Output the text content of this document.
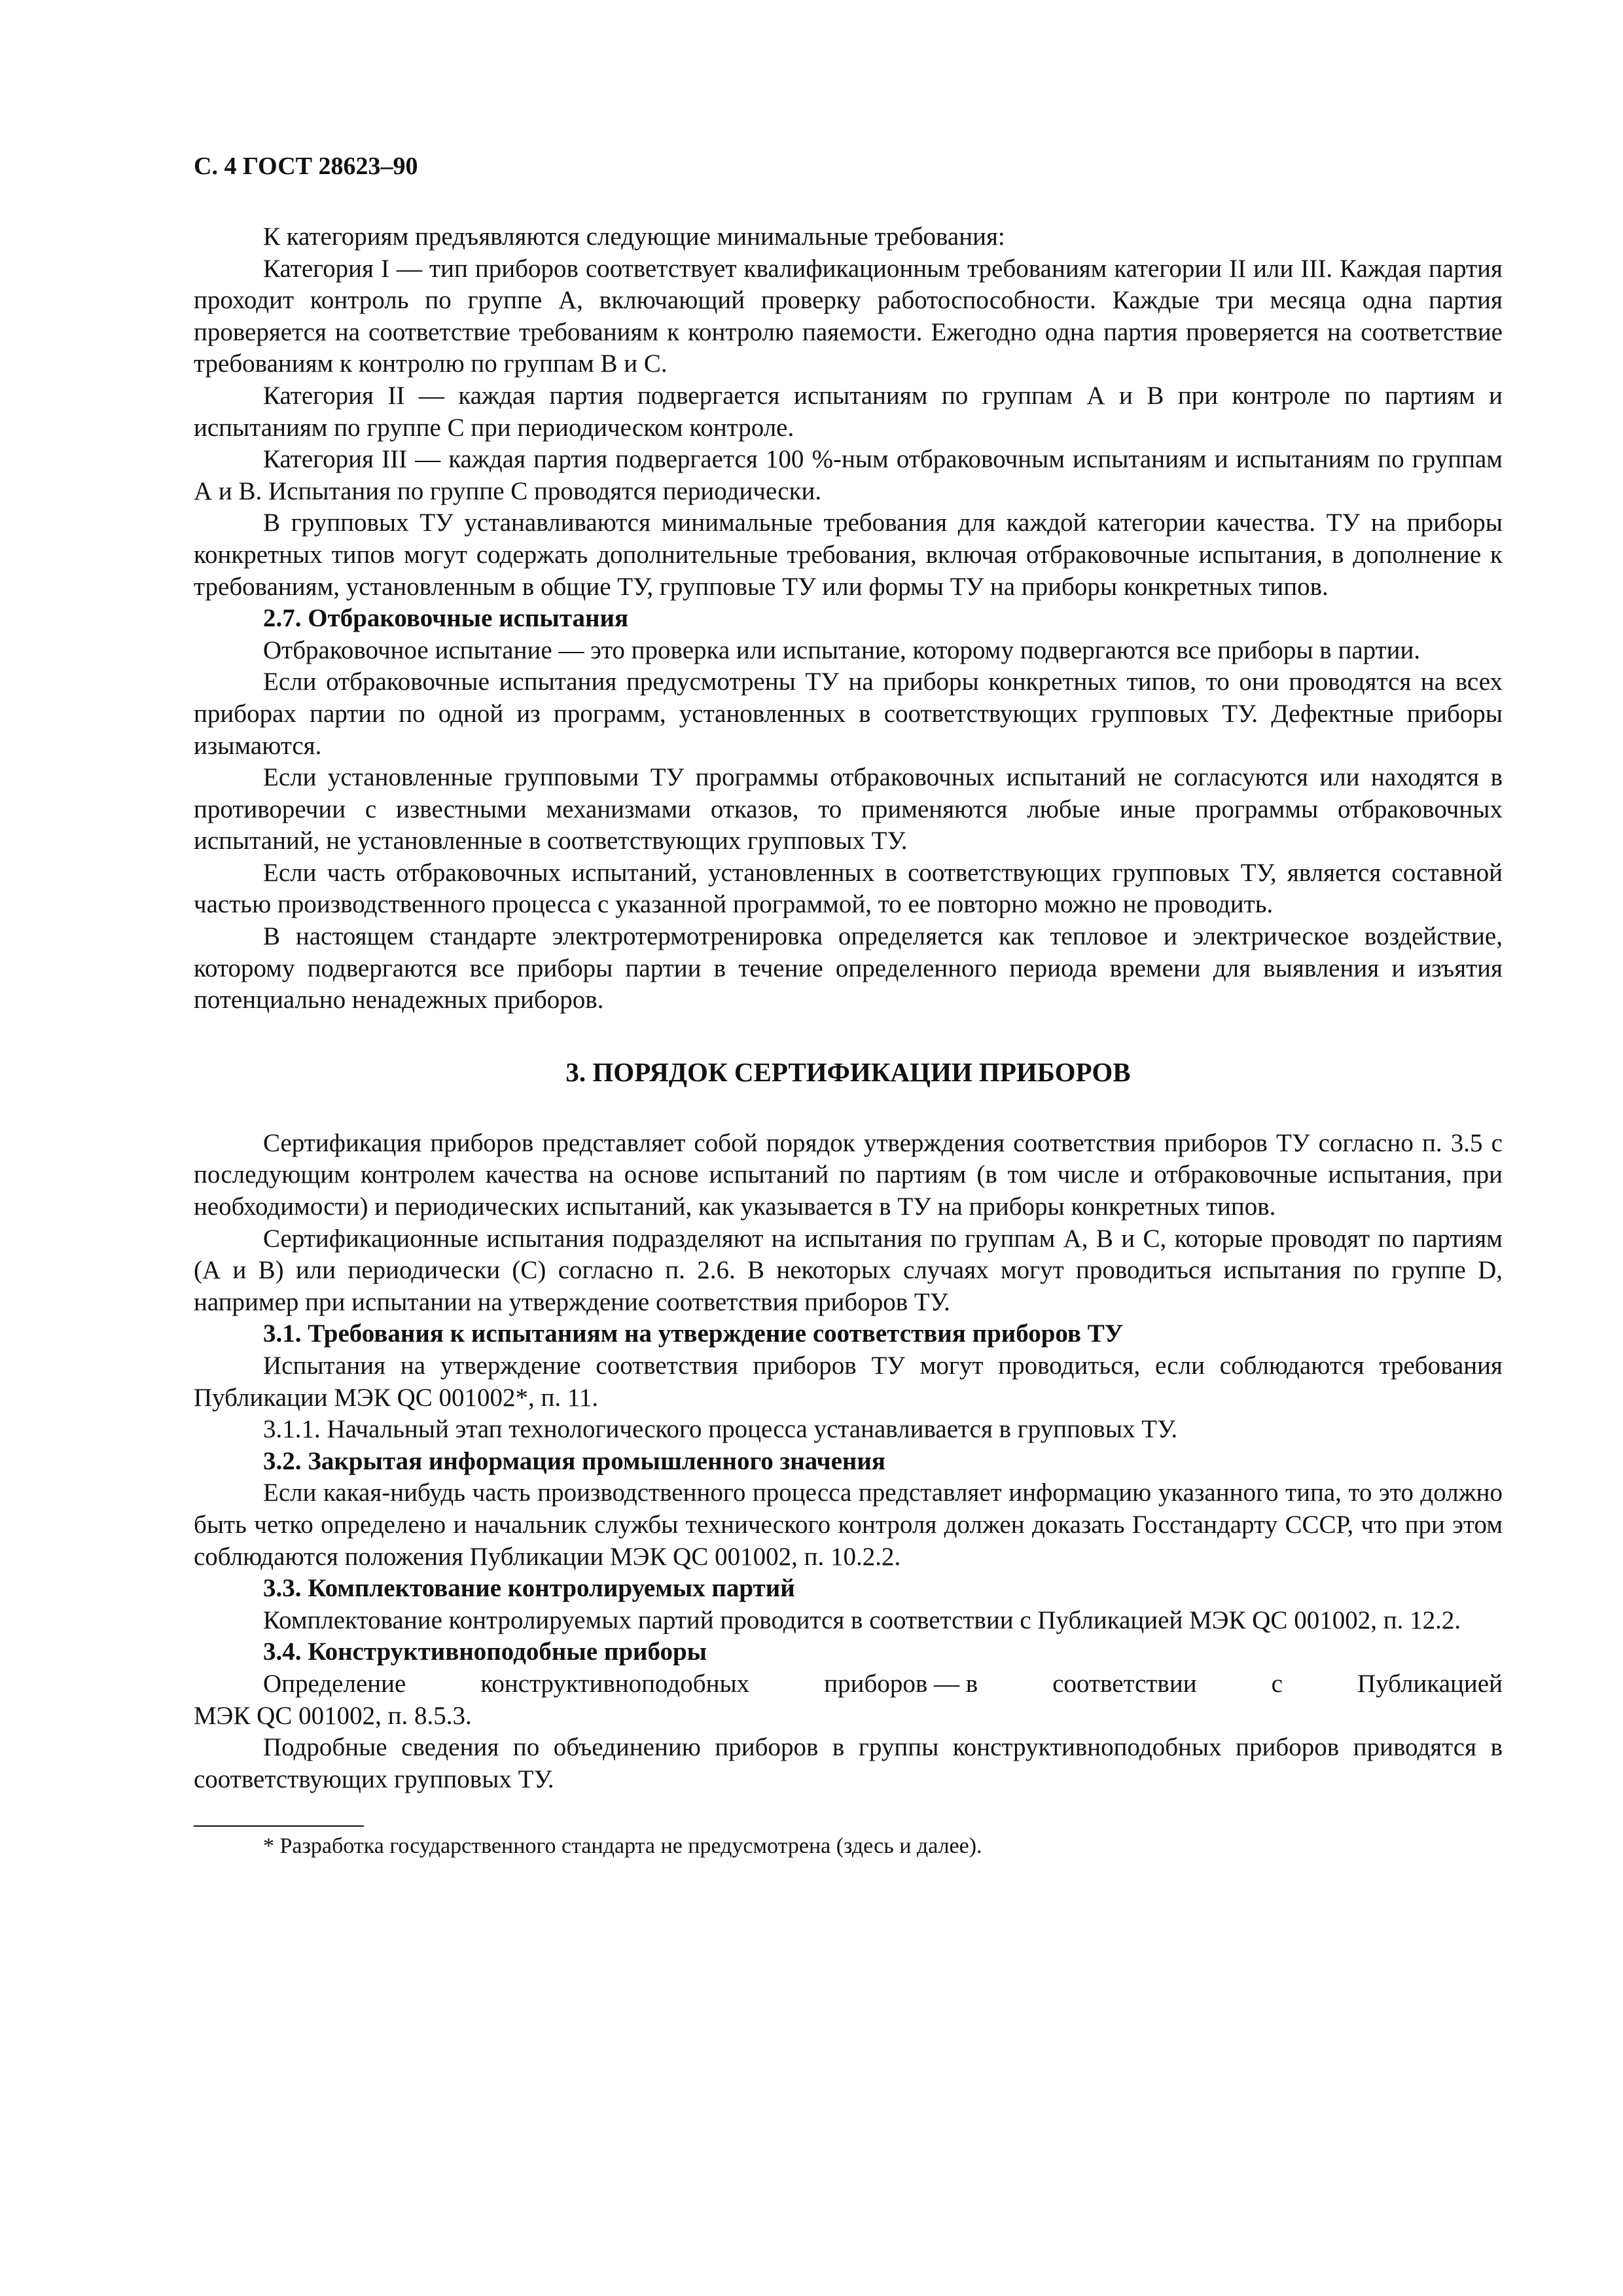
С. 4 ГОСТ 28623–90

К категориям предъявляются следующие минимальные требования:

Категория I — тип приборов соответствует квалификационным требованиям категории II или III. Каждая партия проходит контроль по группе А, включающий проверку работоспособности. Каждые три месяца одна партия проверяется на соответствие требованиям к контролю паяемости. Ежегодно одна партия проверяется на соответствие требованиям к контролю по группам В и С.

Категория II — каждая партия подвергается испытаниям по группам А и В при контроле по партиям и испытаниям по группе С при периодическом контроле.

Категория III — каждая партия подвергается 100 %-ным отбраковочным испытаниям и испытаниям по группам А и В. Испытания по группе С проводятся периодически.

В групповых ТУ устанавливаются минимальные требования для каждой категории качества. ТУ на приборы конкретных типов могут содержать дополнительные требования, включая отбраковочные испытания, в дополнение к требованиям, установленным в общие ТУ, групповые ТУ или формы ТУ на приборы конкретных типов.

2.7. Отбраковочные испытания

Отбраковочное испытание — это проверка или испытание, которому подвергаются все приборы в партии.

Если отбраковочные испытания предусмотрены ТУ на приборы конкретных типов, то они проводятся на всех приборах партии по одной из программ, установленных в соответствующих групповых ТУ. Дефектные приборы изымаются.

Если установленные групповыми ТУ программы отбраковочных испытаний не согласуются или находятся в противоречии с известными механизмами отказов, то применяются любые иные программы отбраковочных испытаний, не установленные в соответствующих групповых ТУ.

Если часть отбраковочных испытаний, установленных в соответствующих групповых ТУ, является составной частью производственного процесса с указанной программой, то ее повторно можно не проводить.

В настоящем стандарте электротермотренировка определяется как тепловое и электрическое воздействие, которому подвергаются все приборы партии в течение определенного периода времени для выявления и изъятия потенциально ненадежных приборов.

3. ПОРЯДОК СЕРТИФИКАЦИИ ПРИБОРОВ

Сертификация приборов представляет собой порядок утверждения соответствия приборов ТУ согласно п. 3.5 с последующим контролем качества на основе испытаний по партиям (в том числе и отбраковочные испытания, при необходимости) и периодических испытаний, как указывается в ТУ на приборы конкретных типов.

Сертификационные испытания подразделяют на испытания по группам А, В и С, которые проводят по партиям (А и В) или периодически (С) согласно п. 2.6. В некоторых случаях могут проводиться испытания по группе D, например при испытании на утверждение соответствия приборов ТУ.

3.1. Требования к испытаниям на утверждение соответствия приборов ТУ

Испытания на утверждение соответствия приборов ТУ могут проводиться, если соблюдаются требования Публикации МЭК QC 001002*, п. 11.

3.1.1. Начальный этап технологического процесса устанавливается в групповых ТУ.

3.2. Закрытая информация промышленного значения

Если какая-нибудь часть производственного процесса представляет информацию указанного типа, то это должно быть четко определено и начальник службы технического контроля должен доказать Госстандарту СССР, что при этом соблюдаются положения Публикации МЭК QC 001002, п. 10.2.2.

3.3. Комплектование контролируемых партий

Комплектование контролируемых партий проводится в соответствии с Публикацией МЭК QC 001002, п. 12.2.

3.4. Конструктивноподобные приборы
Определение	конструктивноподобных	приборов — в	соответствии	с	Публикацией

МЭК QC 001002, п. 8.5.3.

Подробные сведения по объединению приборов в группы конструктивноподобных приборов приводятся в соответствующих групповых ТУ.

* Разработка государственного стандарта не предусмотрена (здесь и далее).
